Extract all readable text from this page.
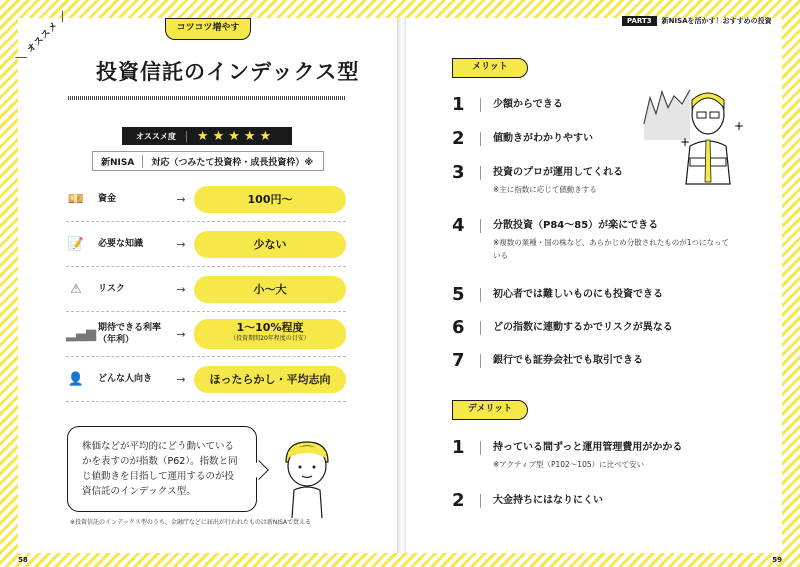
＼ オススメ ／	コツコツ増やす
投資信託のインデックス型
オススメ度	★★★★★
新NISA	対応（つみたて投資枠・成長投資枠）※
💴	資金	→	100円〜
📝	必要な知識	→	少ない
⚠	リスク	→	小〜大
▂▄▆ 期待できる利率（年利）	→	1〜10%程度
（投資期間20年程度の目安）
👤	どんな人向き	→	ほったらかし・平均志向
株価などが平均的にどう動いているかを表すのが指数（P62）。指数と同じ値動きを目指して運用するのが投資信託のインデックス型。
※投資信託のインデックス型のうち、金融庁などに届出が行われたものは新NISAで買える
58
PART3	新NISAを活かす！おすすめの投資
メリット
+
+
1	少額からできる
2	値動きがわかりやすい
3	投資のプロが運用してくれる
※主に指数に応じて値動きする
4	分散投資（P84〜85）が楽にできる
※複数の業種・国の株など、あらかじめ分散されたものが1つになっている
5	初心者では難しいものにも投資できる
6	どの指数に連動するかでリスクが異なる
7	銀行でも証券会社でも取引できる
デメリット
1	持っている間ずっと運用管理費用がかかる
※アクティブ型（P102〜105）に比べて安い
2	大金持ちにはなりにくい
59
